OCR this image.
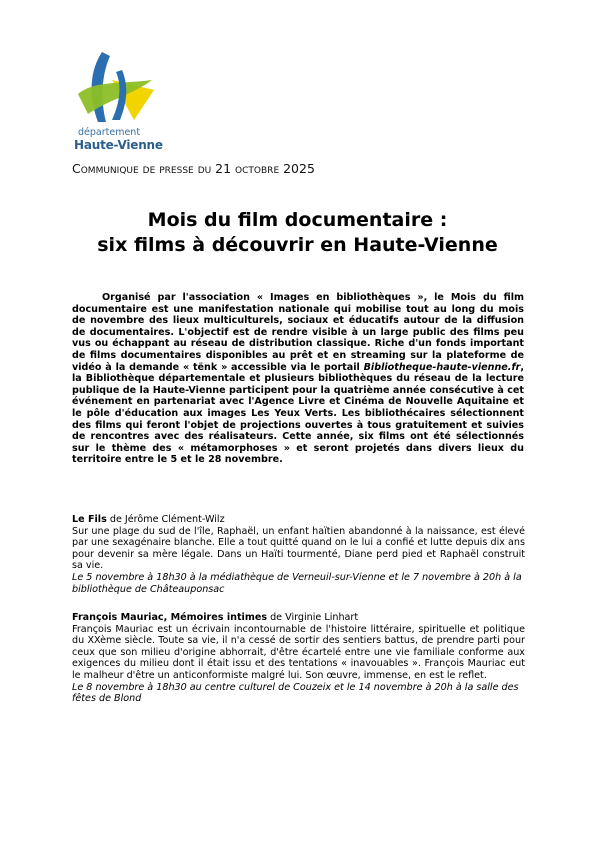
département
Haute-Vienne
Communique de presse du 21 octobre 2025
Mois du film documentaire :
six films à découvrir en Haute-Vienne

Organisé par l'association « Images en bibliothèques », le Mois du film documentaire est une manifestation nationale qui mobilise tout au long du mois de novembre des lieux multiculturels, sociaux et éducatifs autour de la diffusion de documentaires. L'objectif est de rendre visible à un large public des films peu vus ou échappant au réseau de distribution classique. Riche d'un fonds important de films documentaires disponibles au prêt et en streaming sur la plateforme de vidéo à la demande « tënk » accessible via le portail Bibliotheque-haute-vienne.fr, la Bibliothèque départementale et plusieurs bibliothèques du réseau de la lecture publique de la Haute-Vienne participent pour la quatrième année consécutive à cet événement en partenariat avec l'Agence Livre et Cinéma de Nouvelle Aquitaine et le pôle d'éducation aux images Les Yeux Verts. Les bibliothécaires sélectionnent des films qui feront l'objet de projections ouvertes à tous gratuitement et suivies de rencontres avec des réalisateurs. Cette année, six films ont été sélectionnés sur le thème des « métamorphoses » et seront projetés dans divers lieux du territoire entre le 5 et le 28 novembre.

Le Fils de Jérôme Clément-Wilz
Sur une plage du sud de l'île, Raphaël, un enfant haïtien abandonné à la naissance, est élevé par une sexagénaire blanche. Elle a tout quitté quand on le lui a confié et lutte depuis dix ans pour devenir sa mère légale. Dans un Haïti tourmenté, Diane perd pied et Raphaël construit sa vie.
Le 5 novembre à 18h30 à la médiathèque de Verneuil-sur-Vienne et le 7 novembre à 20h à la bibliothèque de Châteauponsac
François Mauriac, Mémoires intimes de Virginie Linhart
François Mauriac est un écrivain incontournable de l'histoire littéraire, spirituelle et politique du XXème siècle. Toute sa vie, il n'a cessé de sortir des sentiers battus, de prendre parti pour ceux que son milieu d'origine abhorrait, d'être écartelé entre une vie familiale conforme aux exigences du milieu dont il était issu et des tentations « inavouables ». François Mauriac eut le malheur d'être un anticonformiste malgré lui. Son œuvre, immense, en est le reflet.
Le 8 novembre à 18h30 au centre culturel de Couzeix et le 14 novembre à 20h à la salle des fêtes de Blond
